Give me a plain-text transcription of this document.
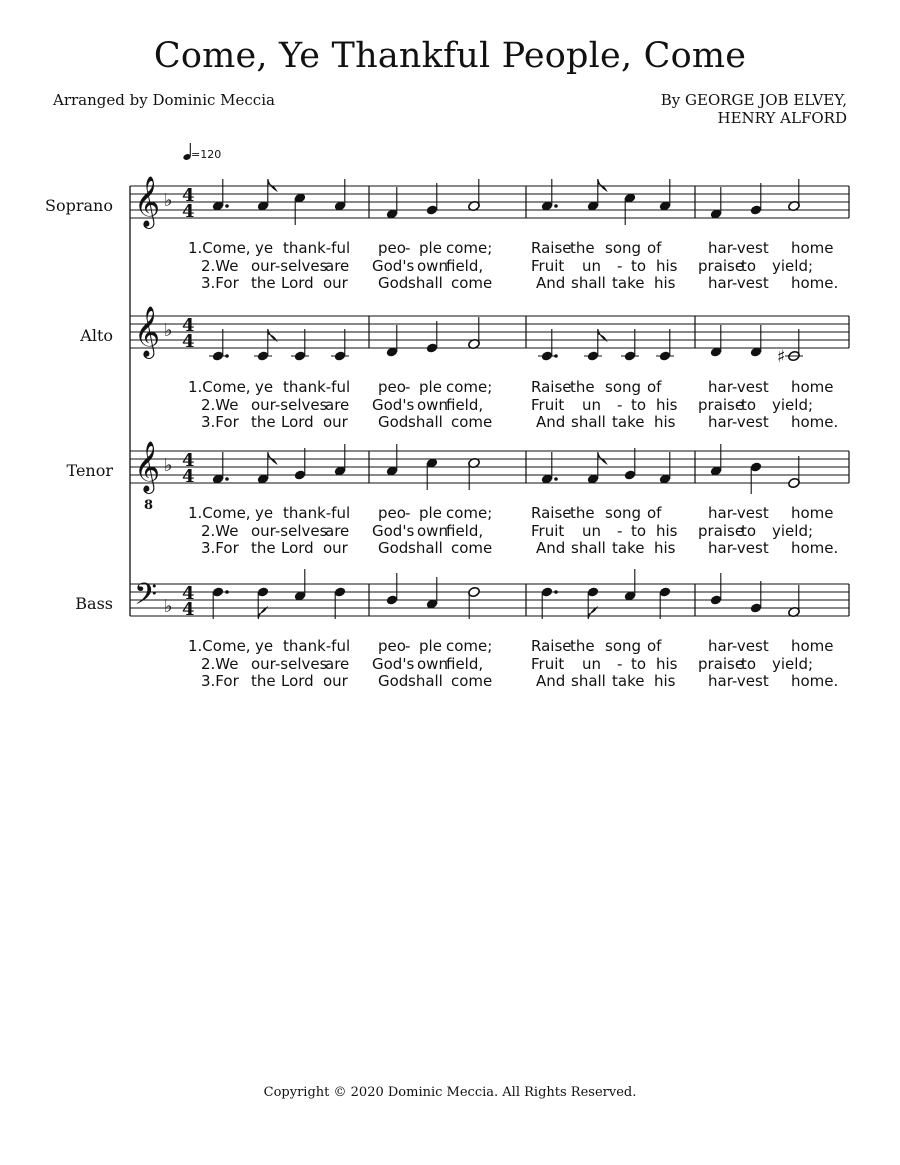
Come, Ye Thankful People, Come
Arranged by Dominic Meccia	By GEORGE JOB ELVEY,
HENRY ALFORD
Soprano
Alto
Tenor
Bass
=120
𝄞 ♭ 4
4
𝄞 ♭ 4
4
𝄞
8
♭ 4
4
𝄢 ♭
4
4
♯
1.Come, ye thank-ful peo - ple come;	Raise
the song of	har-vest home
2.We our-selves
are God's own
field,	Fruit un - to his praise
to yield;
3.For the Lord our God shall come	And shall take his har-vest home.
1.Come, ye thank-ful peo - ple come;	Raise
the song of	har-vest home
2.We our-selves
are God's own
field,	Fruit un - to his praise
to yield;
3.For the Lord our God shall come	And shall take his har-vest home.
1.Come, ye thank-ful peo - ple come;	Raise
the song of	har-vest home
2.We our-selves
are God's own
field,	Fruit un - to his praise
to yield;
3.For the Lord our God shall come	And shall take his har-vest home.
1.Come, ye thank-ful peo - ple come;	Raise
the song of	har-vest home
2.We our-selves
are God's own
field,	Fruit un - to his praise
to yield;
3.For the Lord our God shall come	And shall take his har-vest home.
Copyright © 2020 Dominic Meccia. All Rights Reserved.
